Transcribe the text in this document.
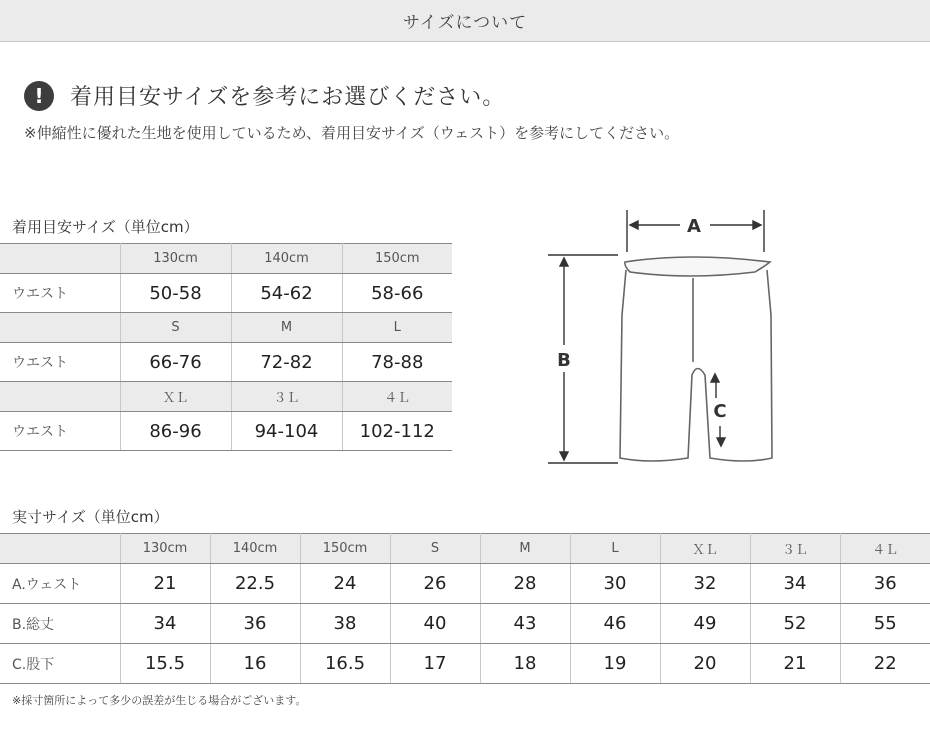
サイズについて
!	着用目安サイズを参考にお選びください。
※伸縮性に優れた生地を使用しているため、着用目安サイズ（ウェスト）を参考にしてください。
着用目安サイズ（単位cm）
	130cm	140cm	150cm
ウエスト	50-58	54-62	58-66
	S	M	L
ウエスト	66-76	72-82	78-88
	ＸＬ	３Ｌ	４Ｌ
ウエスト	86-96	94-104	102-112
A
B
C
実寸サイズ（単位cm）
	130cm	140cm	150cm	S	M	L	ＸＬ	３Ｌ	４Ｌ
A.ウェスト	21	22.5	24	26	28	30	32	34	36
B.総丈	34	36	38	40	43	46	49	52	55
C.股下	15.5	16	16.5	17	18	19	20	21	22
※採寸箇所によって多少の誤差が生じる場合がございます。
